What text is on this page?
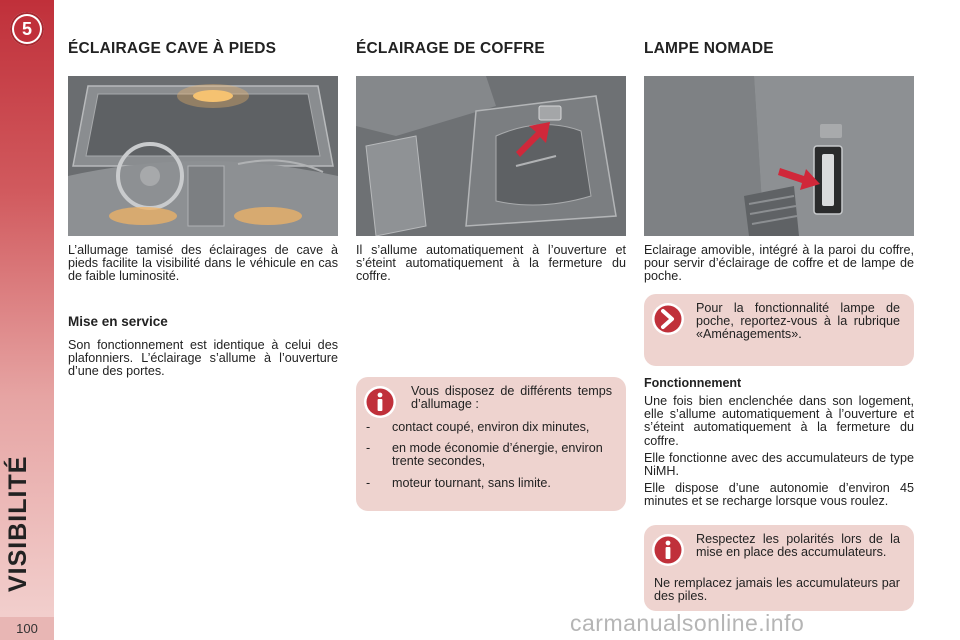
5
VISIBILITÉ
100
ÉCLAIRAGE CAVE À PIEDS

L’allumage tamisé des éclairages de cave à pieds facilite la visibilité dans le véhicule en cas de faible luminosité.

Mise en service

Son fonctionnement est identique à celui des plafonniers. L’éclairage s’allume à l’ouverture d’une des portes.

ÉCLAIRAGE DE COFFRE

Il s’allume automatiquement à l’ouverture et s’éteint automatiquement à la fermeture du coffre.

LAMPE NOMADE

Eclairage amovible, intégré à la paroi du coffre, pour servir d’éclairage de coffre et de lampe de poche.

Vous disposez de différents temps d’allumage :
- contact coupé, environ dix minutes,
- en mode économie d’énergie, environ trente secondes,
- moteur tournant, sans limite.
Pour la fonctionnalité lampe de poche, reportez-vous à la rubrique «Aménagements».
Fonctionnement

Une fois bien enclenchée dans son logement, elle s’allume automatiquement à l’ouverture et s’éteint automatiquement à la fermeture du coffre.

Elle fonctionne avec des accumulateurs de type NiMH.

Elle dispose d’une autonomie d’environ 45 minutes et se recharge lorsque vous roulez.

Respectez les polarités lors de la mise en place des accumulateurs.
Ne remplacez jamais les accumulateurs par des piles.
carmanualsonline.info
